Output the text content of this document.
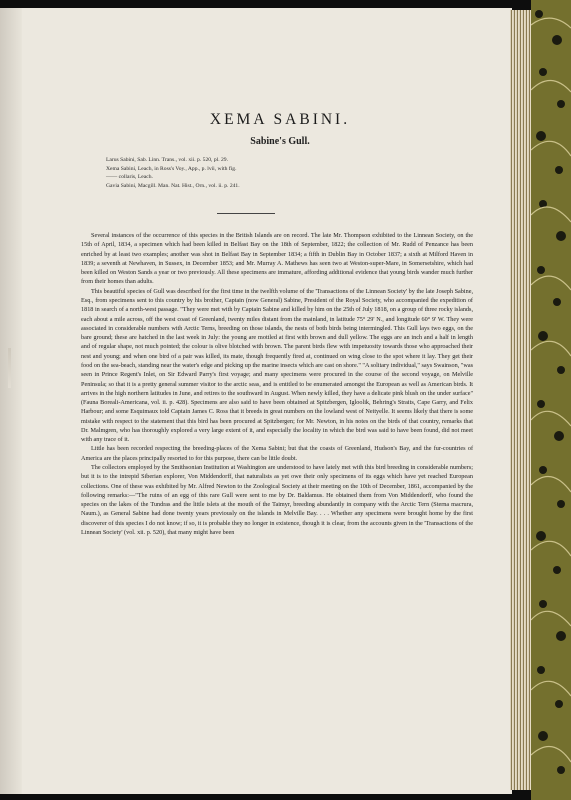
XEMA SABINI.
Sabine's Gull.
Larus Sabini, Sab. Linn. Trans., vol. xii. p. 520, pl. 29.
Xema Sabini, Leach, in Ross's Voy., App., p. lvii, with fig.
—— collaris, Leach.
Gavia Sabini, Macgill. Man. Nat. Hist., Orn., vol. ii. p. 241.

Several instances of the occurrence of this species in the British Islands are on record. The late Mr. Thompson exhibited to the Linnean Society, on the 15th of April, 1834, a specimen which had been killed in Belfast Bay on the 18th of September, 1822; the collection of Mr. Rudd of Penzance has been enriched by at least two examples; another was shot in Belfast Bay in September 1834; a fifth in Dublin Bay in October 1837; a sixth at Milford Haven in 1839; a seventh at Newhaven, in Sussex, in December 1853; and Mr. Murray A. Mathews has seen two at Weston-super-Mare, in Somersetshire, which had been killed on Weston Sands a year or two previously. All these specimens are immature, affording additional evidence that young birds wander much further from their homes than adults.

This beautiful species of Gull was described for the first time in the twelfth volume of the 'Transactions of the Linnean Society' by the late Joseph Sabine, Esq., from specimens sent to this country by his brother, Captain (now General) Sabine, President of the Royal Society, who accompanied the expedition of 1818 in search of a north-west passage. "They were met with by Captain Sabine and killed by him on the 25th of July 1818, on a group of three rocky islands, each about a mile across, off the west coast of Greenland, twenty miles distant from the mainland, in latitude 75° 29' N., and longitude 60° 9' W. They were associated in considerable numbers with Arctic Terns, breeding on those islands, the nests of both birds being intermingled. This Gull lays two eggs, on the bare ground; these are hatched in the last week in July: the young are mottled at first with brown and dull yellow. The eggs are an inch and a half in length and of regular shape, not much pointed; the colour is olive blotched with brown. The parent birds flew with impetuosity towards those who approached their nest and young; and when one bird of a pair was killed, its mate, though frequently fired at, continued on wing close to the spot where it lay. They get their food on the sea-beach, standing near the water's edge and picking up the marine insects which are cast on shore." "A solitary individual," says Swainson, "was seen in Prince Regent's Inlet, on Sir Edward Parry's first voyage; and many specimens were procured in the course of the second voyage, on Melville Peninsula; so that it is a pretty general summer visitor to the arctic seas, and is entitled to be enumerated amongst the European as well as American birds. It arrives in the high northern latitudes in June, and retires to the southward in August. When newly killed, they have a delicate pink blush on the under surface" (Fauna Boreali-Americana, vol. ii. p. 428). Specimens are also said to have been obtained at Spitzbergen, Igloolik, Behring's Straits, Cape Garry, and Felix Harbour; and some Esquimaux told Captain James C. Ross that it breeds in great numbers on the lowland west of Neityelle. It seems likely that there is some mistake with respect to the statement that this bird has been procured at Spitzbergen; for Mr. Newton, in his notes on the birds of that country, remarks that Dr. Malmgren, who has thoroughly explored a very large extent of it, and especially the locality in which the bird was said to have been found, did not meet with any trace of it.

Little has been recorded respecting the breeding-places of the Xema Sabini; but that the coasts of Greenland, Hudson's Bay, and the fur-countries of America are the places principally resorted to for this purpose, there can be little doubt.

The collectors employed by the Smithsonian Institution at Washington are understood to have lately met with this bird breeding in considerable numbers; but it is to the intrepid Siberian explorer, Von Middendorff, that naturalists as yet owe their only specimens of its eggs which have yet reached European collections. One of these was exhibited by Mr. Alfred Newton to the Zoological Society at their meeting on the 10th of December, 1861, accompanied by the following remarks:—"The ruins of an egg of this rare Gull were sent to me by Dr. Baldamus. He obtained them from Von Middendorff, who found the species on the lakes of the Tundras and the little islets at the mouth of the Taimyr, breeding abundantly in company with the Arctic Tern (Sterna macrura, Naum.), as General Sabine had done twenty years previously on the islands in Melville Bay. . . . Whether any specimens were brought home by the first discoverer of this species I do not know; if so, it is probable they no longer in existence, though it is clear, from the accounts given in the 'Transactions of the Linnean Society' (vol. xii. p. 520), that many might have been
